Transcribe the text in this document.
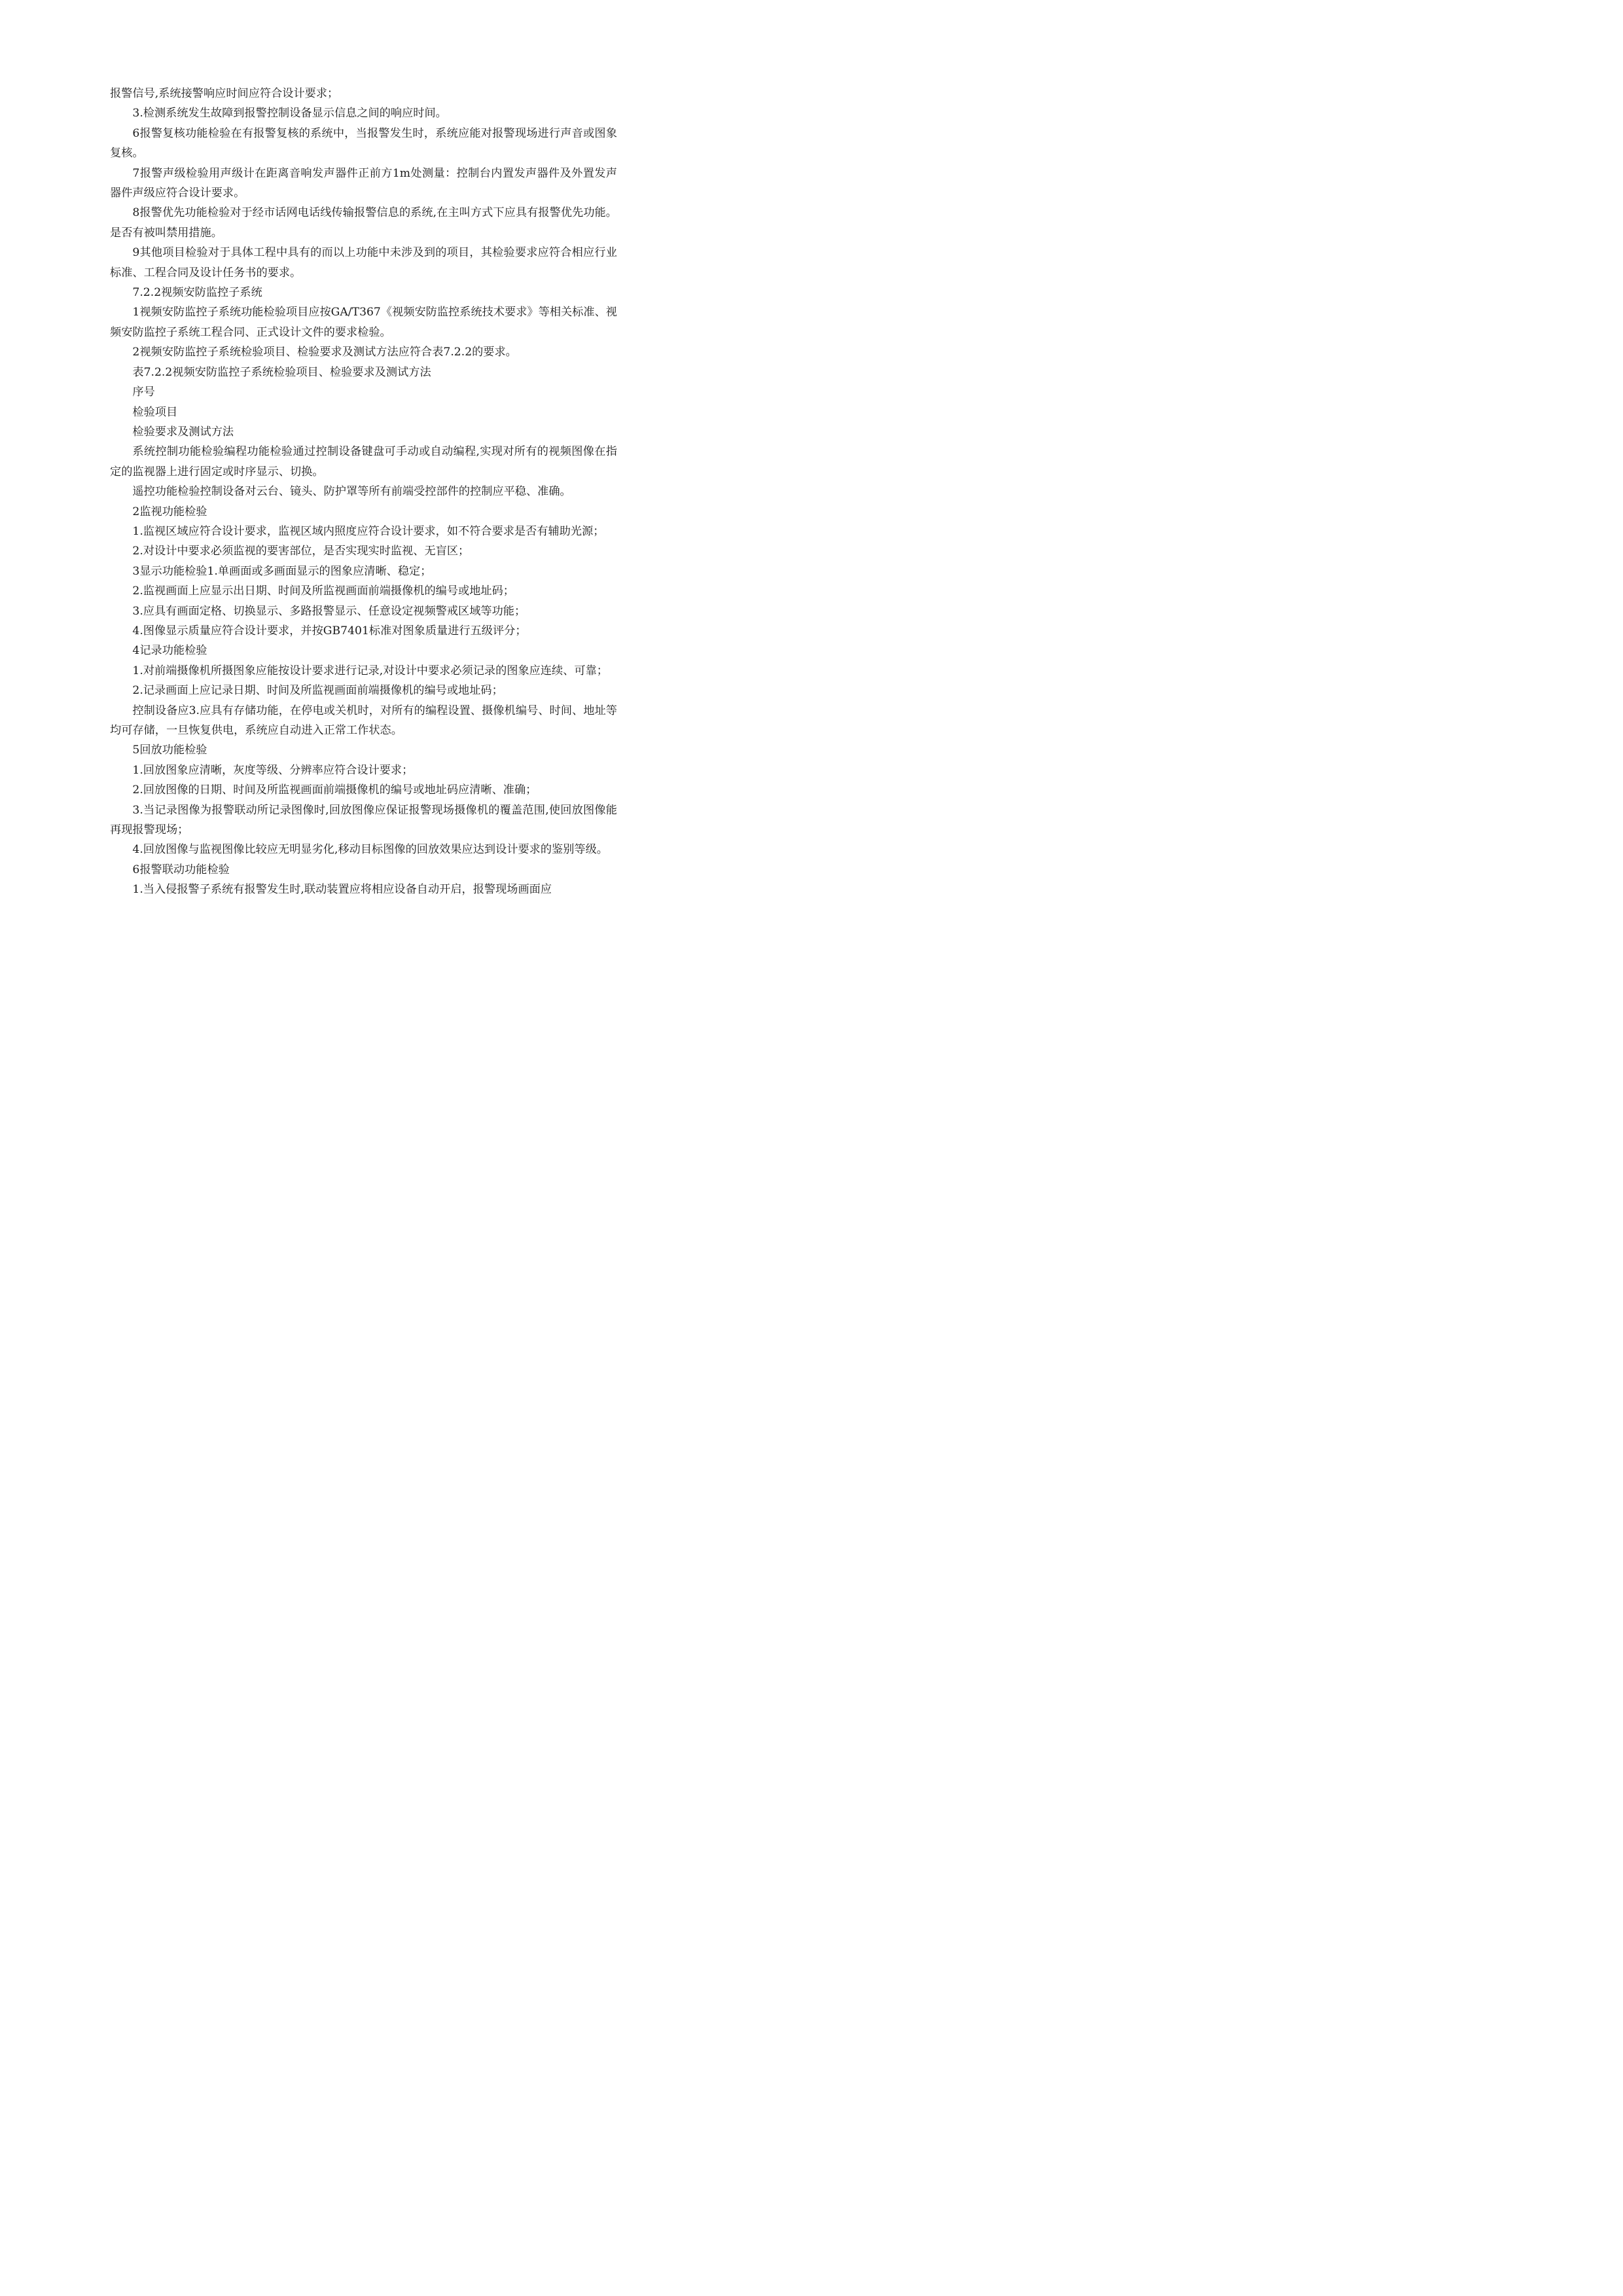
报警信号,系统接警响应时间应符合设计要求；

3.检测系统发生故障到报警控制设备显示信息之间的响应时间。

6报警复核功能检验在有报警复核的系统中，当报警发生时，系统应能对报警现场进行声音或图象复核。

7报警声级检验用声级计在距离音响发声器件正前方1m处测量：控制台内置发声器件及外置发声器件声级应符合设计要求。

8报警优先功能检验对于经市话网电话线传输报警信息的系统,在主叫方式下应具有报警优先功能。是否有被叫禁用措施。

9其他项目检验对于具体工程中具有的而以上功能中未涉及到的项目，其检验要求应符合相应行业标准、工程合同及设计任务书的要求。

7.2.2视频安防监控子系统

1视频安防监控子系统功能检验项目应按GA/T367《视频安防监控系统技术要求》等相关标准、视频安防监控子系统工程合同、正式设计文件的要求检验。

2视频安防监控子系统检验项目、检验要求及测试方法应符合表7.2.2的要求。

表7.2.2视频安防监控子系统检验项目、检验要求及测试方法

序号

检验项目

检验要求及测试方法

系统控制功能检验编程功能检验通过控制设备键盘可手动或自动编程,实现对所有的视频图像在指定的监视器上进行固定或时序显示、切换。

遥控功能检验控制设备对云台、镜头、防护罩等所有前端受控部件的控制应平稳、准确。

2监视功能检验

1.监视区域应符合设计要求，监视区域内照度应符合设计要求，如不符合要求是否有辅助光源；

2.对设计中要求必须监视的要害部位，是否实现实时监视、无盲区；

3显示功能检验1.单画面或多画面显示的图象应清晰、稳定；

2.监视画面上应显示出日期、时间及所监视画面前端摄像机的编号或地址码；

3.应具有画面定格、切换显示、多路报警显示、任意设定视频警戒区域等功能；

4.图像显示质量应符合设计要求，并按GB7401标准对图象质量进行五级评分；

4记录功能检验

1.对前端摄像机所摄图象应能按设计要求进行记录,对设计中要求必须记录的图象应连续、可靠；

2.记录画面上应记录日期、时间及所监视画面前端摄像机的编号或地址码；

控制设备应3.应具有存储功能，在停电或关机时，对所有的编程设置、摄像机编号、时间、地址等均可存储，一旦恢复供电，系统应自动进入正常工作状态。

5回放功能检验

1.回放图象应清晰，灰度等级、分辨率应符合设计要求；

2.回放图像的日期、时间及所监视画面前端摄像机的编号或地址码应清晰、准确；

3.当记录图像为报警联动所记录图像时,回放图像应保证报警现场摄像机的覆盖范围,使回放图像能再现报警现场；

4.回放图像与监视图像比较应无明显劣化,移动目标图像的回放效果应达到设计要求的鉴别等级。

6报警联动功能检验

1.当入侵报警子系统有报警发生时,联动装置应将相应设备自动开启，报警现场画面应
